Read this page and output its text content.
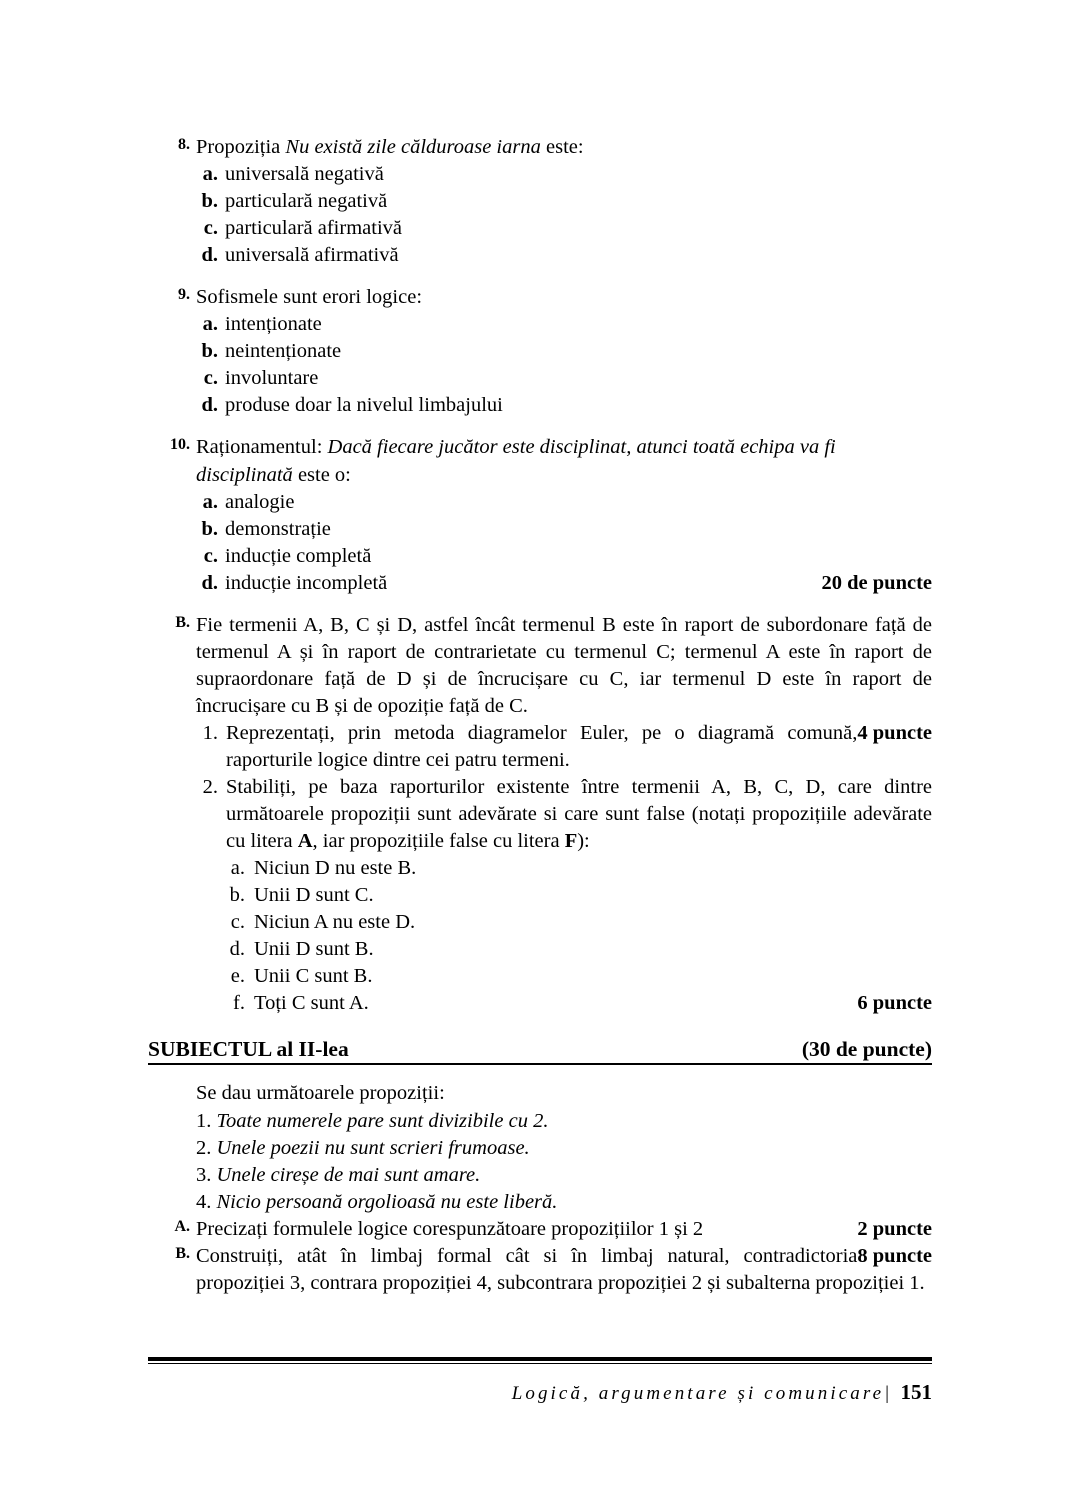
8. Propoziția Nu există zile călduroase iarna este:
a. universală negativă
b. particulară negativă
c. particulară afirmativă
d. universală afirmativă
9. Sofismele sunt erori logice:
a. intenționate
b. neintenționate
c. involuntare
d. produse doar la nivelul limbajului
10. Raționamentul: Dacă fiecare jucător este disciplinat, atunci toată echipa va fi disciplinată este o:
a. analogie
b. demonstrație
c. inducție completă
d. inducție incompletă	20 de puncte
B. Fie termenii A, B, C și D, astfel încât termenul B este în raport de subordonare față de termenul A și în raport de contrarietate cu termenul C; termenul A este în raport de supraordonare față de D și de încrucișare cu C, iar termenul D este în raport de încrucișare cu B și de opoziție față de C.
1.	4 puncte
Reprezentați, prin metoda diagramelor Euler, pe o diagramă comună, raporturile logice dintre cei patru termeni.
2. Stabiliți, pe baza raporturilor existente între termenii A, B, C, D, care dintre următoarele propoziții sunt adevărate si care sunt false (notați propozițiile adevărate cu litera A, iar propozițiile false cu litera F):
a. Niciun D nu este B.
b. Unii D sunt C.
c. Niciun A nu este D.
d. Unii D sunt B.
e. Unii C sunt B.
f. Toți C sunt A.	6 puncte
SUBIECTUL al II-lea	(30 de puncte)
Se dau următoarele propoziții:
1. Toate numerele pare sunt divizibile cu 2.
2. Unele poezii nu sunt scrieri frumoase.
3. Unele cireșe de mai sunt amare.
4. Nicio persoană orgolioasă nu este liberă.
A. Precizați formulele logice corespunzătoare propozițiilor 1 și 2	2 puncte
B.	8 puncte
Construiți, atât în limbaj formal cât si în limbaj natural, contradictoria propoziției 3, contrara propoziției 4, subcontrara propoziției 2 și subalterna propoziției 1.
Logică, argumentare și comunicare| 151
